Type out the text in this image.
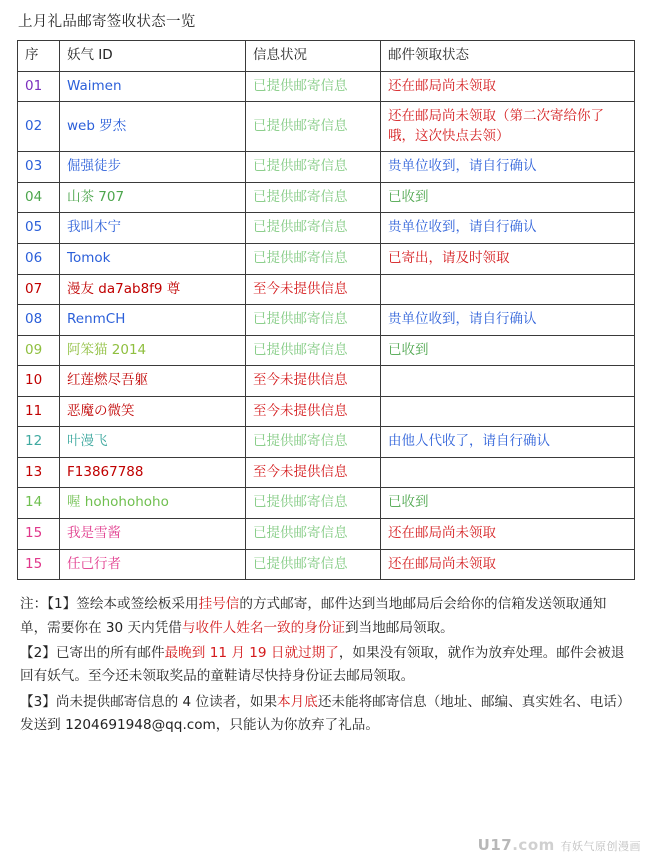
上月礼品邮寄签收状态一览
序	妖气 ID	信息状况	邮件领取状态
01	Waimen	已提供邮寄信息	还在邮局尚未领取
02	web 罗杰	已提供邮寄信息	还在邮局尚未领取（第二次寄给你了哦，这次快点去领）
03	倔强徒步	已提供邮寄信息	贵单位收到，请自行确认
04	山茶 707	已提供邮寄信息	已收到
05	我叫木宁	已提供邮寄信息	贵单位收到，请自行确认
06	Tomok	已提供邮寄信息	已寄出，请及时领取
07	漫友 da7ab8f9 尊	至今未提供信息	
08	RenmCH	已提供邮寄信息	贵单位收到，请自行确认
09	阿笨猫 2014	已提供邮寄信息	已收到
10	红莲燃尽吾躯	至今未提供信息	
11	恶魔の微笑	至今未提供信息	
12	叶漫飞	已提供邮寄信息	由他人代收了，请自行确认
13	F13867788	至今未提供信息	
14	喔 hohohohoho	已提供邮寄信息	已收到
15	我是雪酱	已提供邮寄信息	还在邮局尚未领取
15	任己行者	已提供邮寄信息	还在邮局尚未领取

注：【1】签绘本或签绘板采用挂号信的方式邮寄，邮件达到当地邮局后会给你的信箱发送领取通知单，需要你在 30 天内凭借与收件人姓名一致的身份证到当地邮局领取。

【2】已寄出的所有邮件最晚到 11 月 19 日就过期了，如果没有领取，就作为放弃处理。邮件会被退回有妖气。至今还未领取奖品的童鞋请尽快持身份证去邮局领取。

【3】尚未提供邮寄信息的 4 位读者，如果本月底还未能将邮寄信息（地址、邮编、真实姓名、电话）发送到 1204691948@qq.com，只能认为你放弃了礼品。

U17.com 有妖气原创漫画
